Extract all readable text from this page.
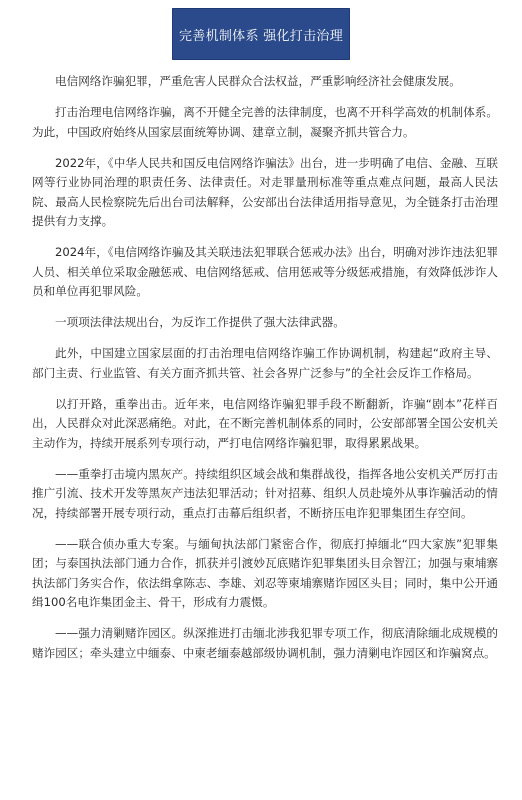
完善机制体系 强化打击治理

电信网络诈骗犯罪，严重危害人民群众合法权益，严重影响经济社会健康发展。

打击治理电信网络诈骗，离不开健全完善的法律制度，也离不开科学高效的机制体系。为此，中国政府始终从国家层面统筹协调、建章立制，凝聚齐抓共管合力。

2022年，《中华人民共和国反电信网络诈骗法》出台，进一步明确了电信、金融、互联网等行业协同治理的职责任务、法律责任。对走罪量刑标准等重点难点问题，最高人民法院、最高人民检察院先后出台司法解释，公安部出台法律适用指导意见，为全链条打击治理提供有力支撑。

2024年，《电信网络诈骗及其关联违法犯罪联合惩戒办法》出台，明确对涉诈违法犯罪人员、相关单位采取金融惩戒、电信网络惩戒、信用惩戒等分级惩戒措施，有效降低涉诈人员和单位再犯罪风险。

一项项法律法规出台，为反诈工作提供了强大法律武器。

此外，中国建立国家层面的打击治理电信网络诈骗工作协调机制，构建起“政府主导、部门主责、行业监管、有关方面齐抓共管、社会各界广泛参与”的全社会反诈工作格局。

以打开路，重拳出击。近年来，电信网络诈骗犯罪手段不断翻新，诈骗“剧本”花样百出，人民群众对此深恶痛绝。对此，在不断完善机制体系的同时，公安部部署全国公安机关主动作为，持续开展系列专项行动，严打电信网络诈骗犯罪，取得累累战果。

——重拳打击境内黑灰产。持续组织区域会战和集群战役，指挥各地公安机关严厉打击推广引流、技术开发等黑灰产违法犯罪活动；针对招募、组织人员赴境外从事诈骗活动的情况，持续部署开展专项行动，重点打击幕后组织者，不断挤压电诈犯罪集团生存空间。

——联合侦办重大专案。与缅甸执法部门紧密合作，彻底打掉缅北“四大家族”犯罪集团；与泰国执法部门通力合作，抓获并引渡妙瓦底赌诈犯罪集团头目佘智江；加强与柬埔寨执法部门务实合作，依法缉拿陈志、李雄、刘忍等柬埔寨赌诈园区头目；同时，集中公开通缉100名电诈集团金主、骨干，形成有力震慑。

——强力清剿赌诈园区。纵深推进打击缅北涉我犯罪专项工作，彻底清除缅北成规模的赌诈园区；牵头建立中缅泰、中柬老缅泰越部级协调机制，强力清剿电诈园区和诈骗窝点。
